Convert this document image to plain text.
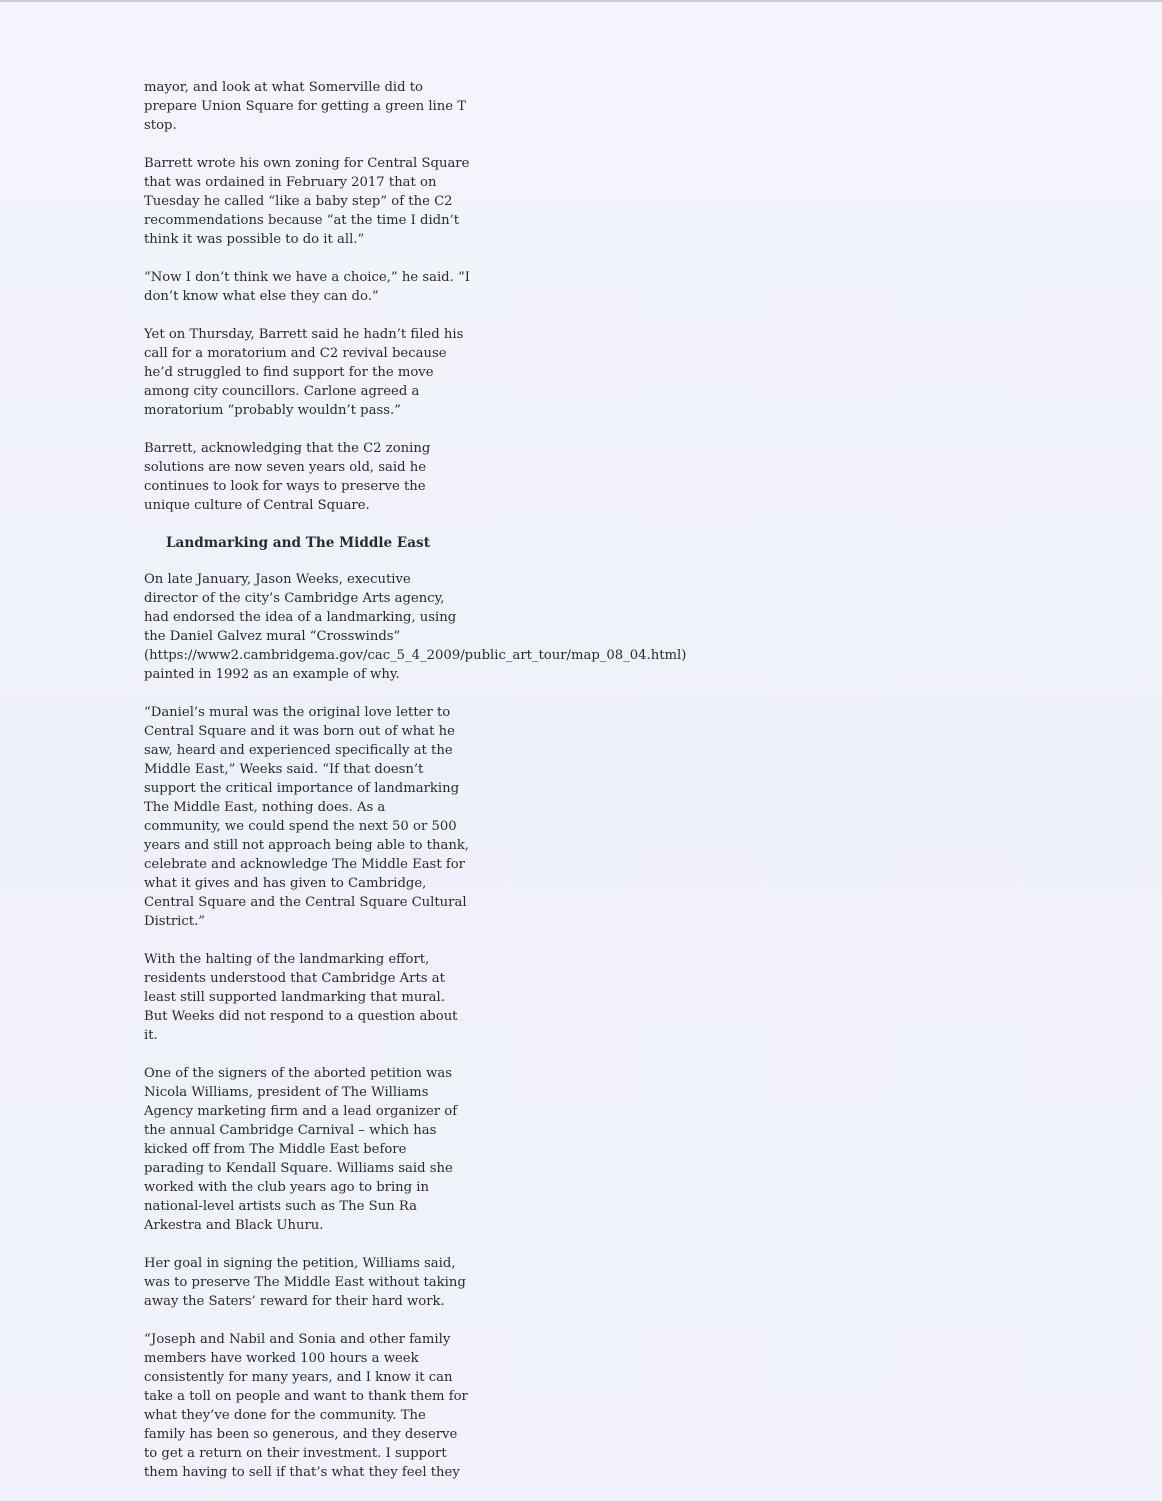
mayor, and look at what Somerville did to
prepare Union Square for getting a green line T
stop.

Barrett wrote his own zoning for Central Square
that was ordained in February 2017 that on
Tuesday he called “like a baby step” of the C2
recommendations because “at the time I didn’t
think it was possible to do it all.”

“Now I don’t think we have a choice,” he said. “I
don’t know what else they can do.”

Yet on Thursday, Barrett said he hadn’t filed his
call for a moratorium and C2 revival because
he’d struggled to find support for the move
among city councillors. Carlone agreed a
moratorium “probably wouldn’t pass.”

Barrett, acknowledging that the C2 zoning
solutions are now seven years old, said he
continues to look for ways to preserve the
unique culture of Central Square.

Landmarking and The Middle East

On late January, Jason Weeks, executive
director of the city’s Cambridge Arts agency,
had endorsed the idea of a landmarking, using
the Daniel Galvez mural “Crosswinds”
(https://www2.cambridgema.gov/cac_5_4_2009/public_art_tour/map_08_04.html)
painted in 1992 as an example of why.

“Daniel’s mural was the original love letter to
Central Square and it was born out of what he
saw, heard and experienced specifically at the
Middle East,” Weeks said. “If that doesn’t
support the critical importance of landmarking
The Middle East, nothing does. As a
community, we could spend the next 50 or 500
years and still not approach being able to thank,
celebrate and acknowledge The Middle East for
what it gives and has given to Cambridge,
Central Square and the Central Square Cultural
District.”

With the halting of the landmarking effort,
residents understood that Cambridge Arts at
least still supported landmarking that mural.
But Weeks did not respond to a question about
it.

One of the signers of the aborted petition was
Nicola Williams, president of The Williams
Agency marketing firm and a lead organizer of
the annual Cambridge Carnival – which has
kicked off from The Middle East before
parading to Kendall Square. Williams said she
worked with the club years ago to bring in
national-level artists such as The Sun Ra
Arkestra and Black Uhuru.

Her goal in signing the petition, Williams said,
was to preserve The Middle East without taking
away the Saters’ reward for their hard work.

“Joseph and Nabil and Sonia and other family
members have worked 100 hours a week
consistently for many years, and I know it can
take a toll on people and want to thank them for
what they’ve done for the community. The
family has been so generous, and they deserve
to get a return on their investment. I support
them having to sell if that’s what they feel they
